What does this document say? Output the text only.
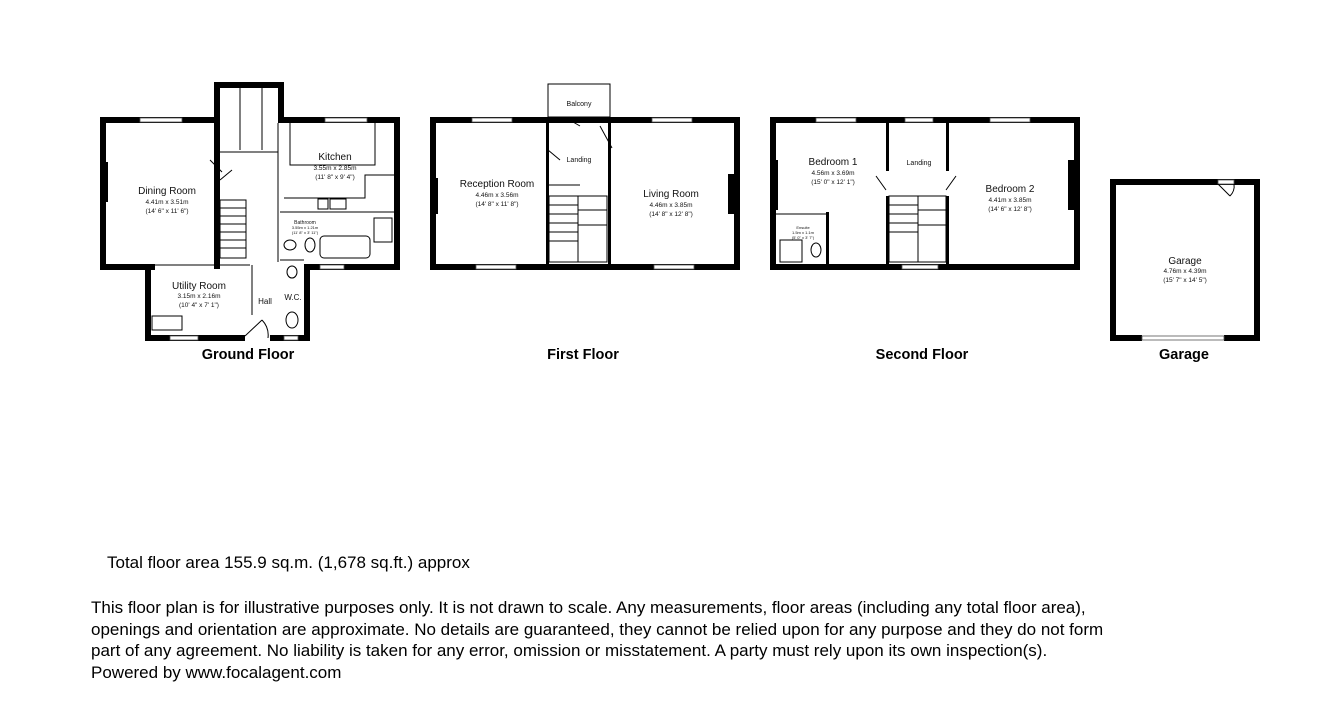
Dining Room
4.41m x 3.51m
(14' 6" x 11' 6")
Kitchen
3.55m x 2.85m
(11' 8" x 9' 4")
Bathroom
3.55m x 1.21m
(11' 8" x 3' 11")
Utility Room
3.15m x 2.16m
(10' 4" x 7' 1")	Hall W.C.
Ground Floor
Balcony
Landing
Reception Room
4.46m x 3.56m
(14' 8" x 11' 8")
Living Room
4.46m x 3.85m
(14' 8" x 12' 8")
First Floor
Bedroom 1
4.56m x 3.69m
(15' 0" x 12' 1")
Landing
Bedroom 2
4.41m x 3.85m
(14' 6" x 12' 8")
Ensuite
1.5m x 1.1m
(5' 0" x 3' 7")
Second Floor
Garage
4.76m x 4.39m
(15' 7" x 14' 5")
Garage
Total floor area 155.9 sq.m. (1,678 sq.ft.) approx
This floor plan is for illustrative purposes only. It is not drawn to scale. Any measurements, floor areas (including any total floor area),
openings and orientation are approximate. No details are guaranteed, they cannot be relied upon for any purpose and they do not form
part of any agreement. No liability is taken for any error, omission or misstatement. A party must rely upon its own inspection(s).
Powered by www.focalagent.com
